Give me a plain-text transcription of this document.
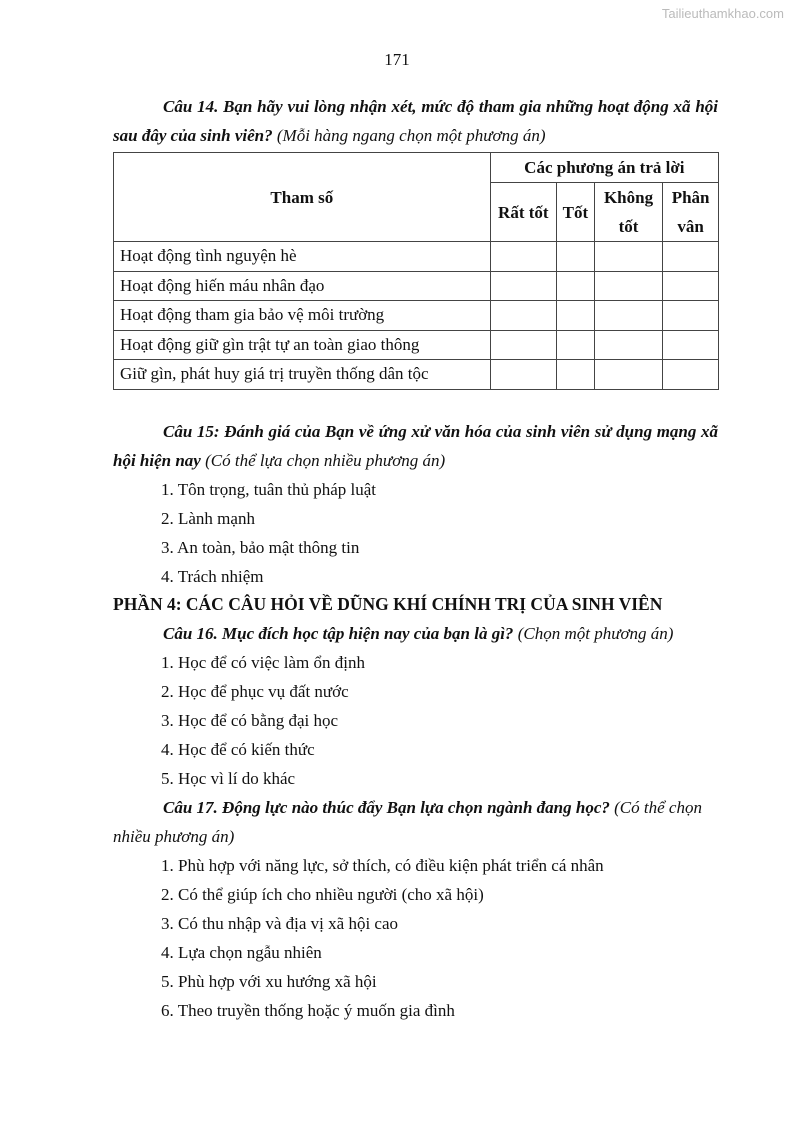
Tailieuthamkhao.com
171
Câu 14. Bạn hãy vui lòng nhận xét, mức độ tham gia những hoạt động xã hội sau đây của sinh viên? (Mỗi hàng ngang chọn một phương án)
Tham số	Các phương án trả lời			
	Rất tốt	Tốt	Không tốt	Phân vân
Hoạt động tình nguyện hè				
Hoạt động hiến máu nhân đạo				
Hoạt động tham gia bảo vệ môi trường				
Hoạt động giữ gìn trật tự an toàn giao thông				
Giữ gìn, phát huy giá trị truyền thống dân tộc				
Câu 15: Đánh giá của Bạn về ứng xử văn hóa của sinh viên sử dụng mạng xã hội hiện nay (Có thể lựa chọn nhiều phương án)
1. Tôn trọng, tuân thủ pháp luật
2. Lành mạnh
3. An toàn, bảo mật thông tin
4. Trách nhiệm
PHẦN 4: CÁC CÂU HỎI VỀ DŨNG KHÍ CHÍNH TRỊ CỦA SINH VIÊN
Câu 16. Mục đích học tập hiện nay của bạn là gì? (Chọn một phương án)
1. Học để có việc làm ổn định
2. Học để phục vụ đất nước
3. Học để có bằng đại học
4. Học để có kiến thức
5. Học vì lí do khác
Câu 17. Động lực nào thúc đẩy Bạn lựa chọn ngành đang học? (Có thể chọn nhiều phương án)
1. Phù hợp với năng lực, sở thích, có điều kiện phát triển cá nhân
2. Có thể giúp ích cho nhiều người (cho xã hội)
3. Có thu nhập và địa vị xã hội cao
4. Lựa chọn ngẫu nhiên
5. Phù hợp với xu hướng xã hội
6. Theo truyền thống hoặc ý muốn gia đình
